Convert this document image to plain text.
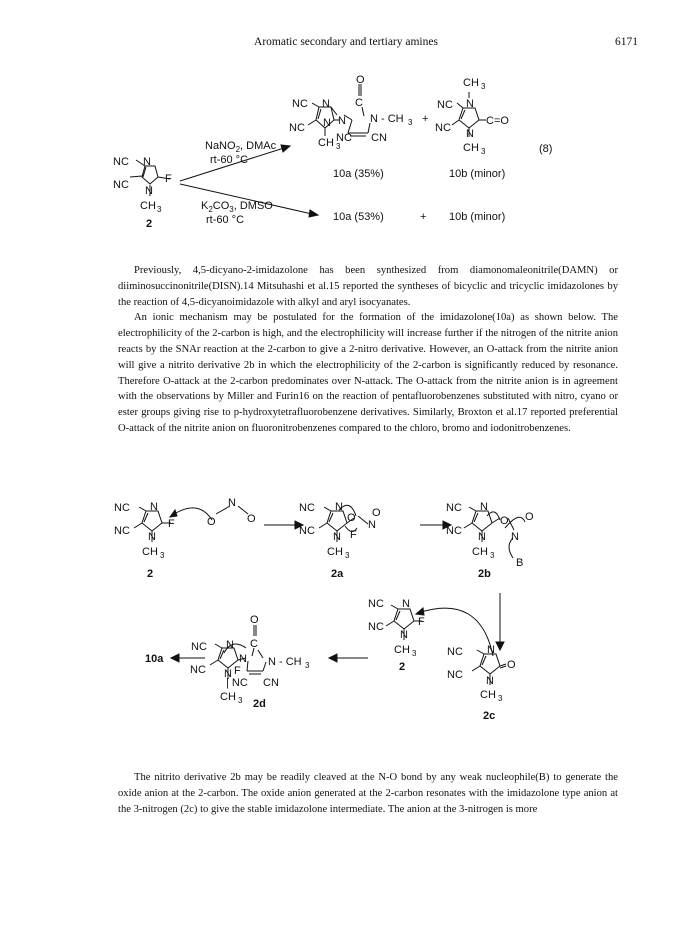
Aromatic secondary and tertiary amines	6171
NC N
F
NC N
CH 3
2
NaNO$_2$, DMAc
rt-60 °C
$K_2CO_3$, DMSO
rt-60 °C
NC N
O
C
N N - CH 3
NC N
CH 3
NC CN
NC N
CH 3
+	C=O
NC N
CH 3	(8)
10a (35%)	10b (minor)
10a (53%)	+ 10b (minor)

Previously, 4,5-dicyano-2-imidazolone has been synthesized from diamonomaleonitrile(DAMN) or diiminosuccinonitrile(DISN).14 Mitsuhashi et al.15 reported the syntheses of bicyclic and tricyclic imidazolones by the reaction of 4,5-dicyanoimidazole with alkyl and aryl isocyanates.

An ionic mechanism may be postulated for the formation of the imidazolone(10a) as shown below. The electrophilicity of the 2-carbon is high, and the electrophilicity will increase further if the nitrogen of the nitrite anion reacts by the SNAr reaction at the 2-carbon to give a 2-nitro derivative. However, an O-attack from the nitrite anion will give a nitrito derivative 2b in which the electrophilicity of the 2-carbon is significantly reduced by resonance. Therefore O-attack at the 2-carbon predominates over N-attack. The O-attack from the nitrite anion is in agreement with the observations by Miller and Furin16 on the reaction of pentafluorobenzenes substituted with nitro, cyano or ester groups giving rise to p-hydroxytetrafluorobenzene derivatives. Similarly, Broxton et al.17 reported preferential O-attack of the nitrite anion on fluoronitrobenzenes compared to the chloro, bromo and iodonitrobenzenes.

NC N
F
NC N
CH 3
2
O
N
O
NC N
O
N
O
NC N F
CH 3
2a
NC N
O
N
O
NC N
CH 3
B
2b
NC N
F
NC
N
CH 3
2
NC N
O
NC N
CH 3
2c
NC N
O
C
N N - CH 3
NC N F
| NC CN
CH 3 2d
10a

The nitrito derivative 2b may be readily cleaved at the N-O bond by any weak nucleophile(B) to generate the oxide anion at the 2-carbon. The oxide anion generated at the 2-carbon resonates with the imidazolone type anion at the 3-nitrogen (2c) to give the stable imidazolone intermediate. The anion at the 3-nitrogen is more
